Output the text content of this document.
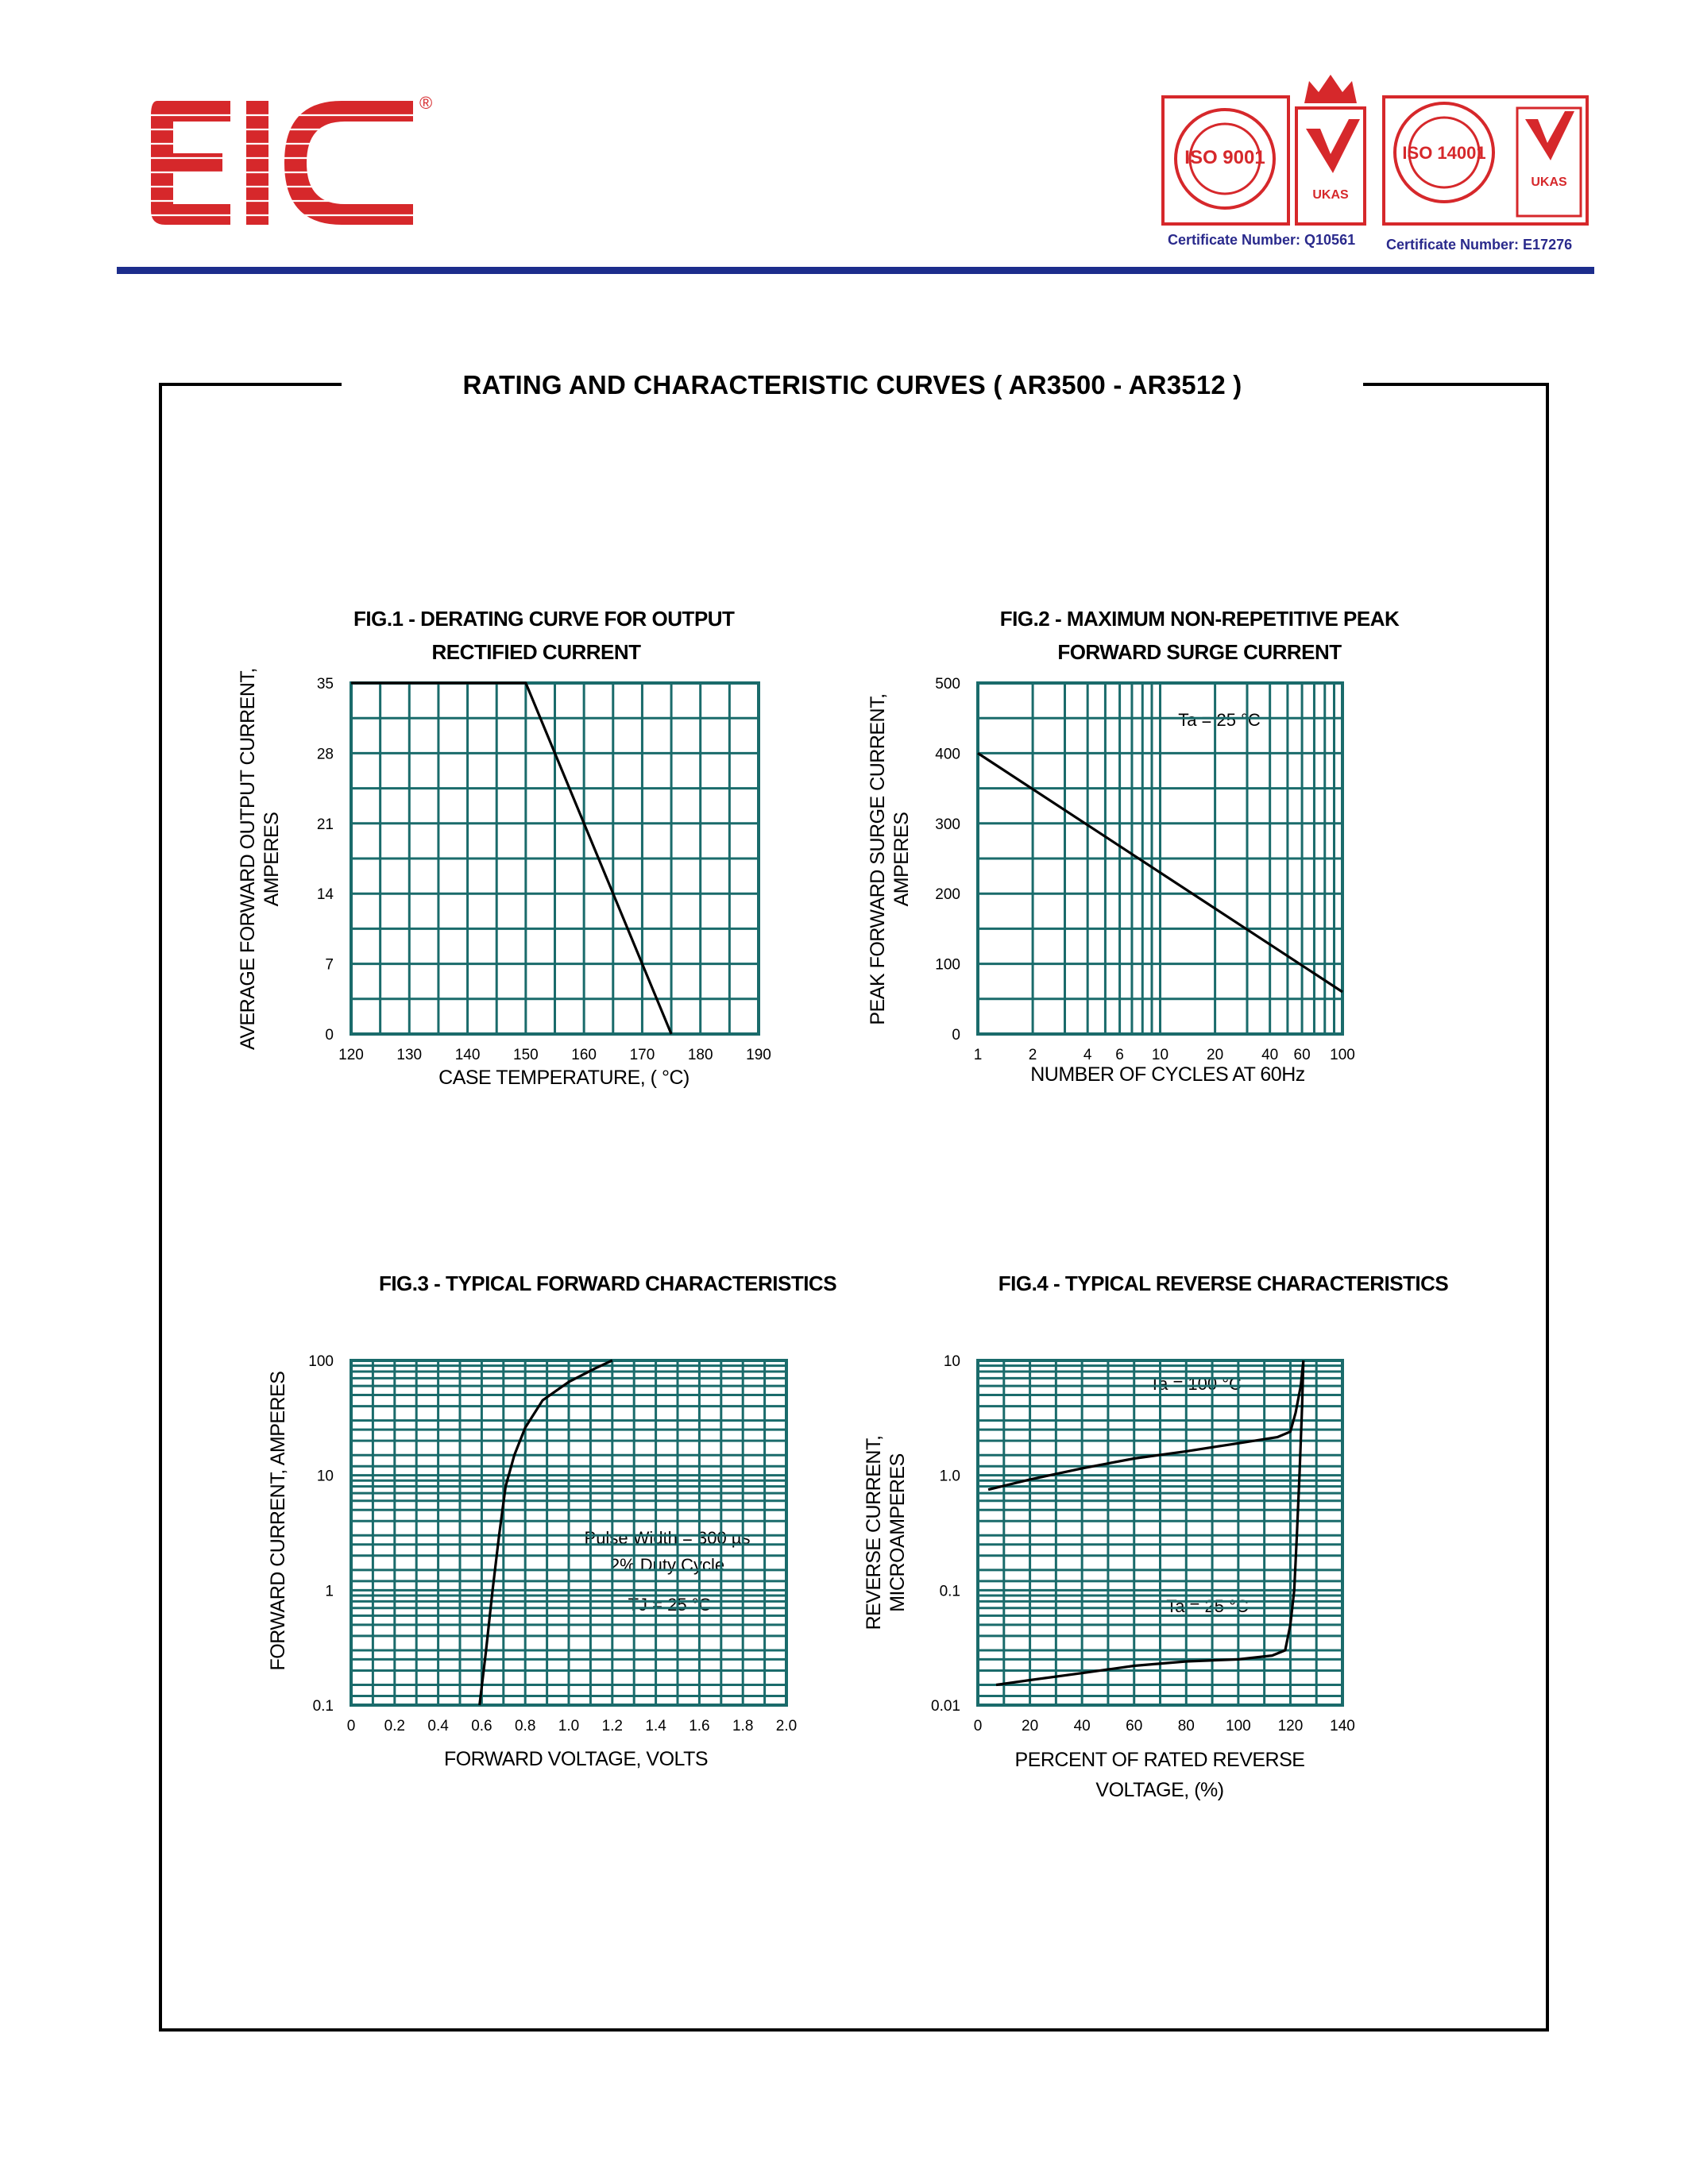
®
ISO 9001
UKAS
Certificate Number: Q10561
ISO 14001
UKAS
Certificate Number: E17276
RATING AND CHARACTERISTIC CURVES ( AR3500 - AR3512 )
FIG.1 - DERATING CURVE FOR OUTPUT
RECTIFIED CURRENT
AVERAGE FORWARD OUTPUT CURRENT, AMPERES
CASE TEMPERATURE, ( °C)
FIG.2 - MAXIMUM NON-REPETITIVE PEAK
FORWARD SURGE CURRENT
PEAK FORWARD SURGE CURRENT, AMPERES
NUMBER OF CYCLES AT 60Hz
Ta = 25 °C
FIG.3 - TYPICAL FORWARD CHARACTERISTICS
FORWARD CURRENT, AMPERES
FORWARD VOLTAGE, VOLTS
Pulse Width = 300 µs
2% Duty Cycle
TJ = 25 °C
FIG.4 - TYPICAL REVERSE CHARACTERISTICS
REVERSE CURRENT, MICROAMPERES
PERCENT OF RATED REVERSE
VOLTAGE, (%)
Ta = 100 °C
Ta = 25 °C
120 130 140 150 160 170 180 190
0
7
14
21
28
35
1	2	4 6 10	20	40 60 100
0
100
200
300
400
500
0 0.2 0.4 0.6 0.8 1.0 1.2 1.4 1.6 1.8 2.0
0.1
1
10
100
0	20 40 60 80 100 120 140
0.01
0.1
1.0
10
